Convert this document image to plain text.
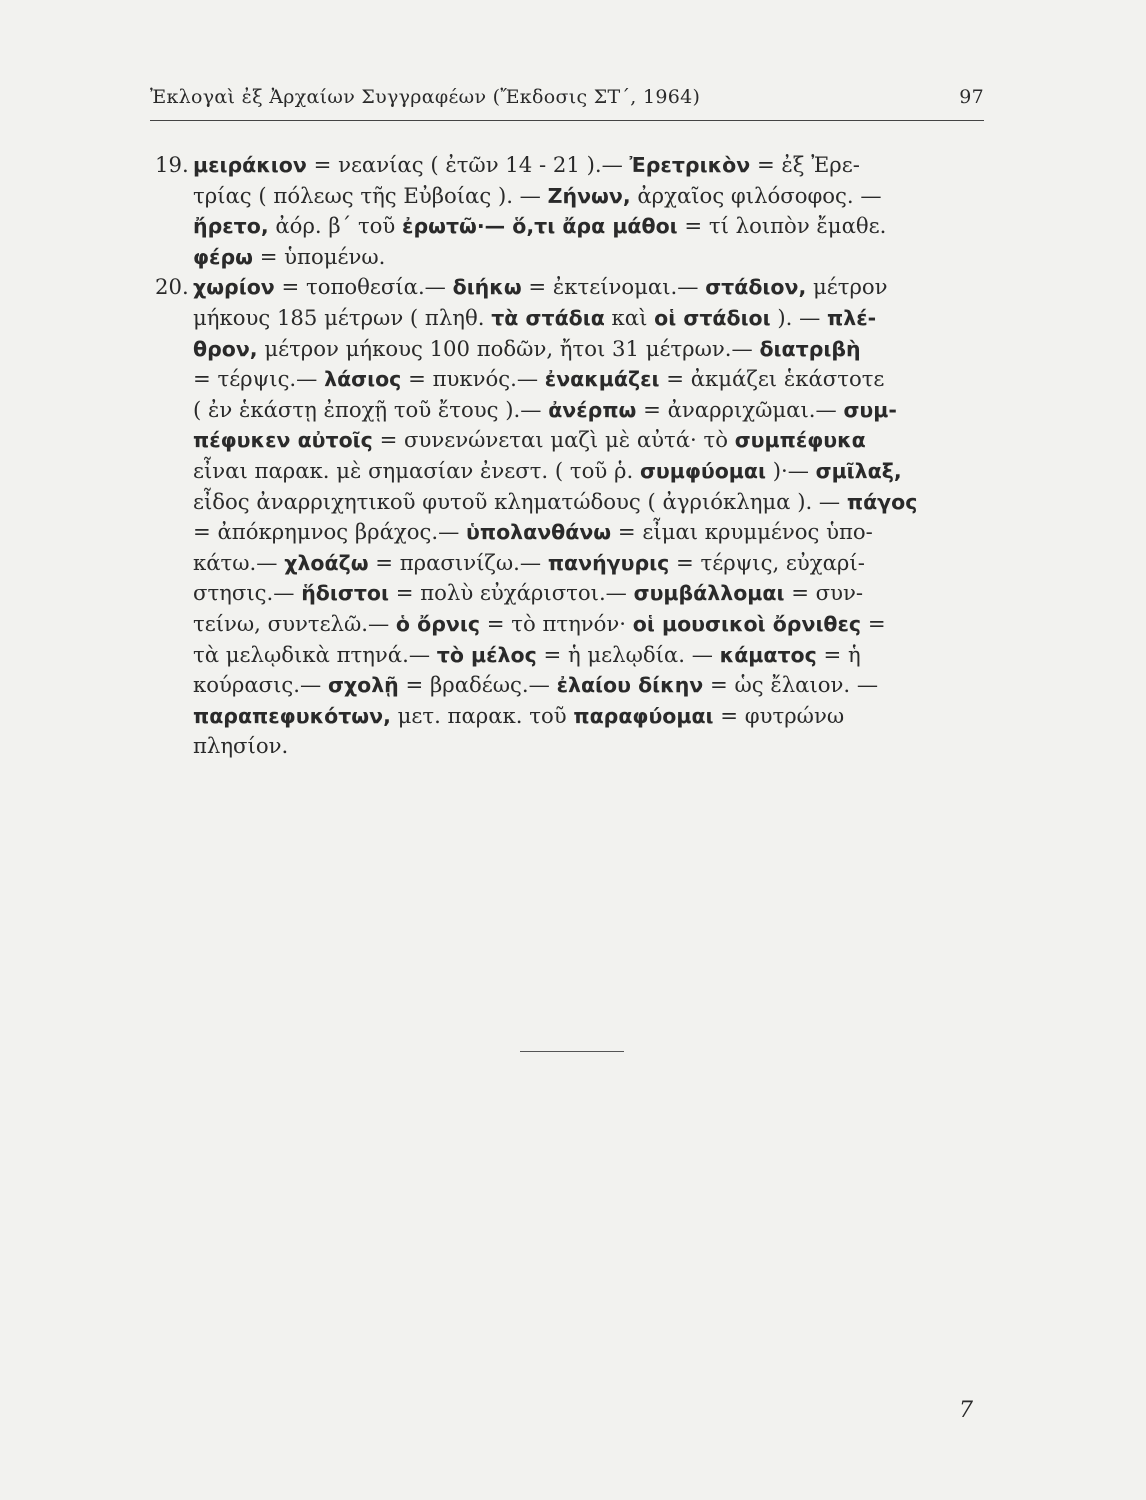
Ἐκλογαὶ ἐξ Ἀρχαίων Συγγραφέων (Ἔκδοσις ΣΤ΄, 1964)	97
19. μειράκιον = νεανίας ( ἐτῶν 14 - 21 ).— Ἐρετρικὸν = ἐξ Ἐρε-
τρίας ( πόλεως τῆς Εὐβοίας ). — Ζήνων, ἀρχαῖος φιλόσοφος. —
ἤρετο, ἀόρ. β΄ τοῦ ἐρωτῶ·— ὅ,τι ἄρα μάθοι = τί λοιπὸν ἔμαθε.
φέρω = ὑπομένω.
20. χωρίον = τοποθεσία.— διήκω = ἐκτείνομαι.— στάδιον, μέτρον
μήκους 185 μέτρων ( πληθ. τὰ στάδια καὶ οἱ στάδιοι ). — πλέ-
θρον, μέτρον μήκους 100 ποδῶν, ἤτοι 31 μέτρων.— διατριβὴ
= τέρψις.— λάσιος = πυκνός.— ἐνακμάζει = ἀκμάζει ἑκάστοτε
( ἐν ἑκάστῃ ἐποχῇ τοῦ ἔτους ).— ἀνέρπω = ἀναρριχῶμαι.— συμ-
πέφυκεν αὐτοῖς = συνενώνεται μαζὶ μὲ αὐτά· τὸ συμπέφυκα
εἶναι παρακ. μὲ σημασίαν ἐνεστ. ( τοῦ ῥ. συμφύομαι )·— σμῖλαξ,
εἶδος ἀναρριχητικοῦ φυτοῦ κληματώδους ( ἀγριόκλημα ). — πάγος
= ἀπόκρημνος βράχος.— ὑπολανθάνω = εἶμαι κρυμμένος ὑπο-
κάτω.— χλοάζω = πρασινίζω.— πανήγυρις = τέρψις, εὐχαρί-
στησις.— ἥδιστοι = πολὺ εὐχάριστοι.— συμβάλλομαι = συν-
τείνω, συντελῶ.— ὁ ὄρνις = τὸ πτηνόν· οἱ μουσικοὶ ὄρνιθες =
τὰ μελῳδικὰ πτηνά.— τὸ μέλος = ἡ μελῳδία. — κάματος = ἡ
κούρασις.— σχολῇ = βραδέως.— ἐλαίου δίκην = ὡς ἔλαιον. —
παραπεφυκότων, μετ. παρακ. τοῦ παραφύομαι = φυτρώνω
πλησίον.
7
